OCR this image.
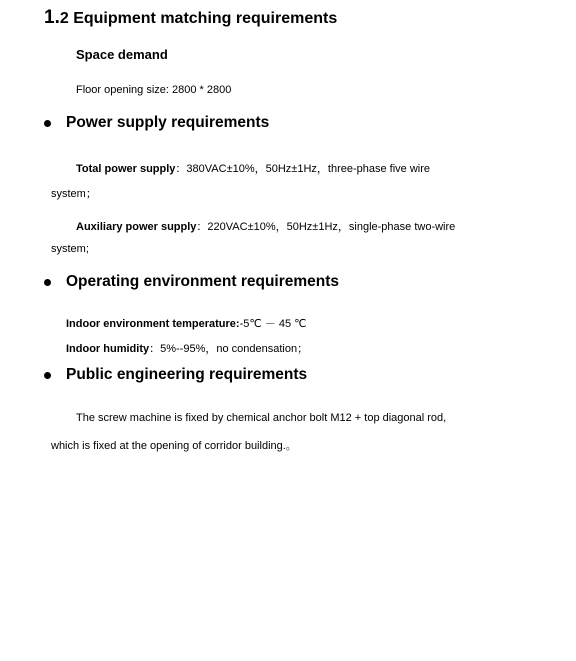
1.2 Equipment matching requirements
Space demand
Floor opening size: 2800 * 2800
Power supply requirements
Total power supply：380VAC±10%，50Hz±1Hz，three-phase five wire
system；
Auxiliary power supply：220VAC±10%，50Hz±1Hz，single-phase two-wire
system;
Operating environment requirements
Indoor environment temperature:-5℃ － 45 ℃
Indoor humidity：5%--95%，no condensation；
Public engineering requirements
The screw machine is fixed by chemical anchor bolt M12 + top diagonal rod,
which is fixed at the opening of corridor building.。
